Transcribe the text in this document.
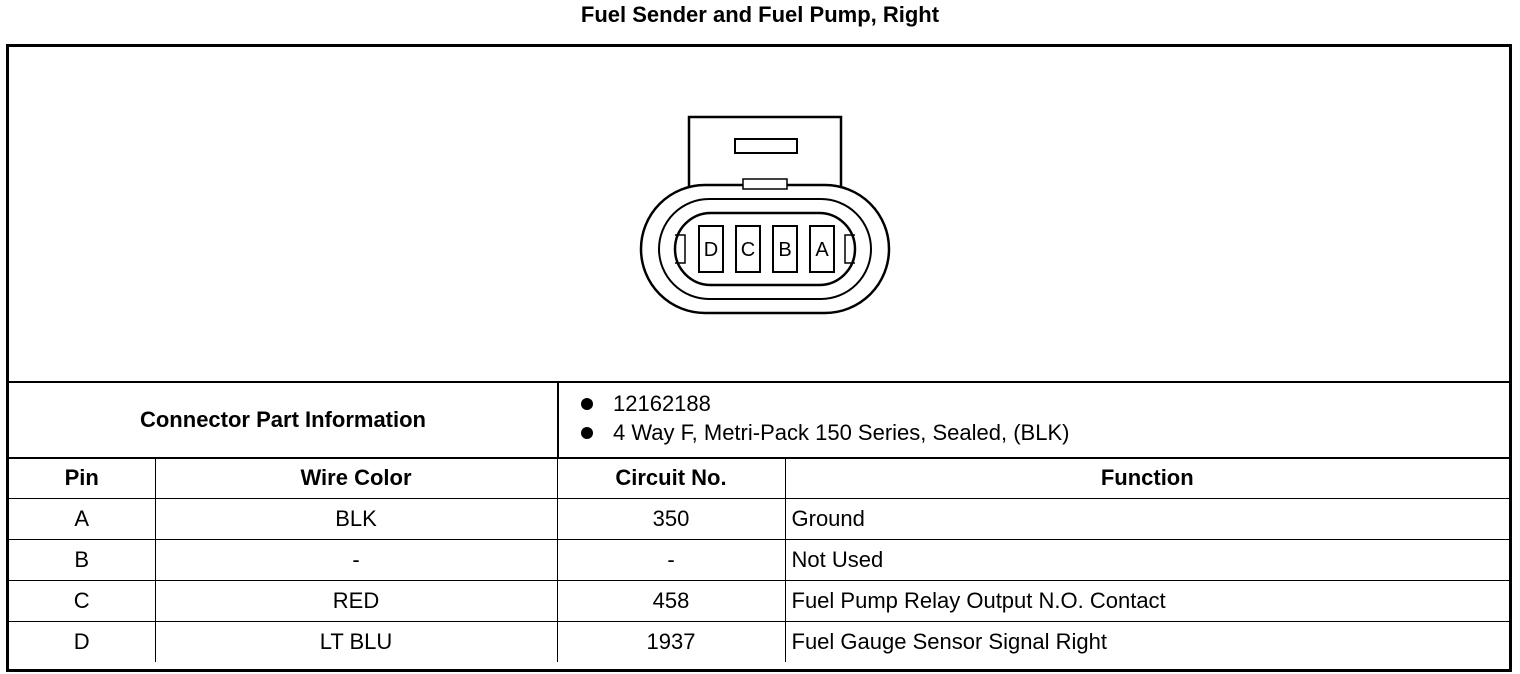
Fuel Sender and Fuel Pump, Right
D C B A
Connector Part Information
12162188
4 Way F, Metri-Pack 150 Series, Sealed, (BLK)
Pin	Wire Color	Circuit No.	Function
A	BLK	350	Ground
B	-	-	Not Used
C	RED	458	Fuel Pump Relay Output N.O. Contact
D	LT BLU	1937	Fuel Gauge Sensor Signal Right
